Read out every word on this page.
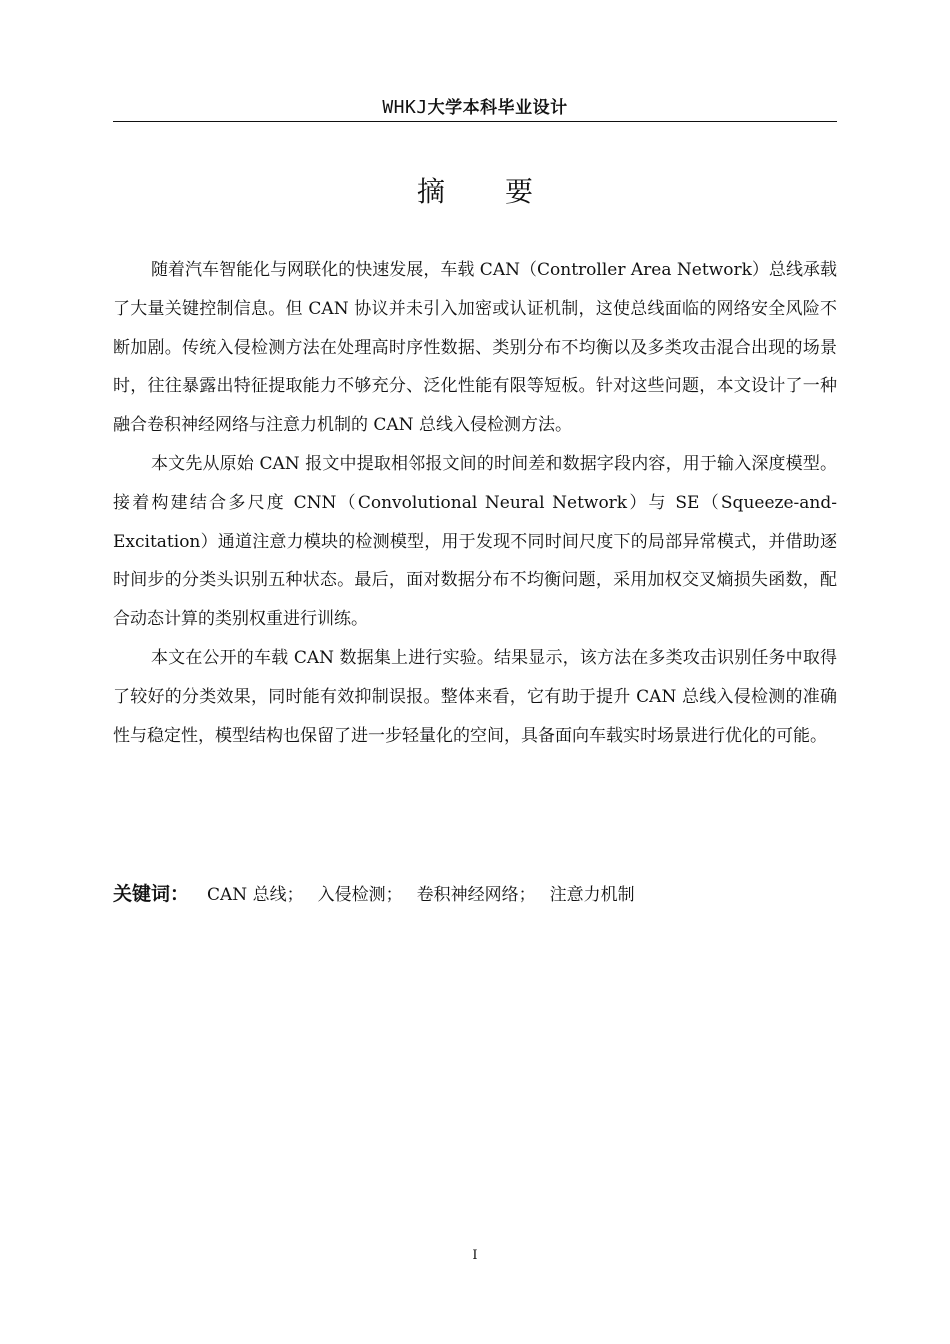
WHKJ大学本科毕业设计
摘要

随着汽车智能化与网联化的快速发展，车载 CAN（Controller Area Network）总线承载了大量关键控制信息。但 CAN 协议并未引入加密或认证机制，这使总线面临的网络安全风险不断加剧。传统入侵检测方法在处理高时序性数据、类别分布不均衡以及多类攻击混合出现的场景时，往往暴露出特征提取能力不够充分、泛化性能有限等短板。针对这些问题，本文设计了一种融合卷积神经网络与注意力机制的 CAN 总线入侵检测方法。

本文先从原始 CAN 报文中提取相邻报文间的时间差和数据字段内容，用于输入深度模型。接着构建结合多尺度 CNN（Convolutional Neural Network）与 SE（Squeeze-and-Excitation）通道注意力模块的检测模型，用于发现不同时间尺度下的局部异常模式，并借助逐时间步的分类头识别五种状态。最后，面对数据分布不均衡问题，采用加权交叉熵损失函数，配合动态计算的类别权重进行训练。

本文在公开的车载 CAN 数据集上进行实验。结果显示，该方法在多类攻击识别任务中取得了较好的分类效果，同时能有效抑制误报。整体来看，它有助于提升 CAN 总线入侵检测的准确性与稳定性，模型结构也保留了进一步轻量化的空间，具备面向车载实时场景进行优化的可能。

关键词： CAN 总线； 入侵检测； 卷积神经网络； 注意力机制
I
